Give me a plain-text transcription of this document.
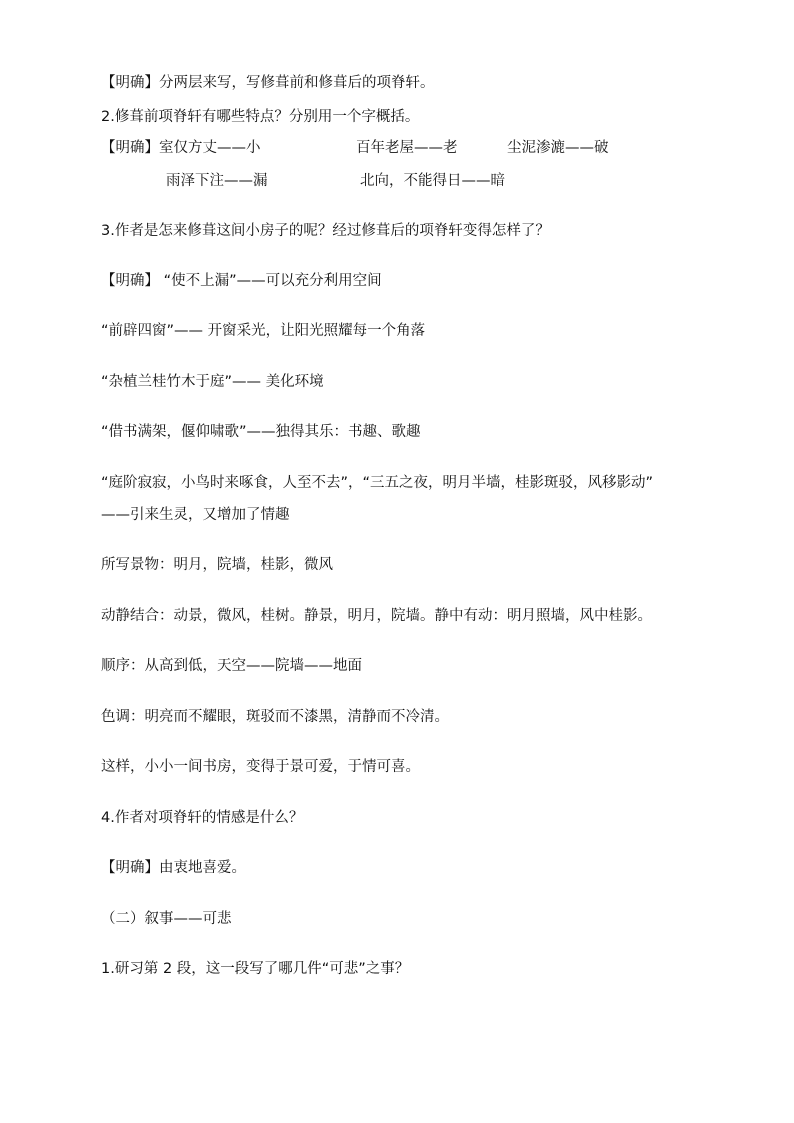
【明确】分两层来写，写修葺前和修葺后的项脊轩。
2.修葺前项脊轩有哪些特点？分别用一个字概括。
【明确】室仅方丈——小	百年老屋——老	尘泥渗漉——破
雨泽下注——漏	北向，不能得日——暗
3.作者是怎来修葺这间小房子的呢？经过修葺后的项脊轩变得怎样了？
【明确】 “使不上漏”——可以充分利用空间
“前辟四窗”—— 开窗采光，让阳光照耀每一个角落
“杂植兰桂竹木于庭”—— 美化环境
“借书满架，偃仰啸歌”——独得其乐：书趣、歌趣
“庭阶寂寂，小鸟时来啄食，人至不去”，“三五之夜，明月半墙，桂影斑驳，风移影动”
——引来生灵，又增加了情趣
所写景物：明月，院墙，桂影，微风
动静结合：动景，微风，桂树。静景，明月，院墙。静中有动：明月照墙，风中桂影。
顺序：从高到低，天空——院墙——地面
色调：明亮而不耀眼，斑驳而不漆黑，清静而不冷清。
这样，小小一间书房，变得于景可爱，于情可喜。
4.作者对项脊轩的情感是什么？
【明确】由衷地喜爱。
（二）叙事——可悲
1.研习第 2 段，这一段写了哪几件“可悲”之事？
